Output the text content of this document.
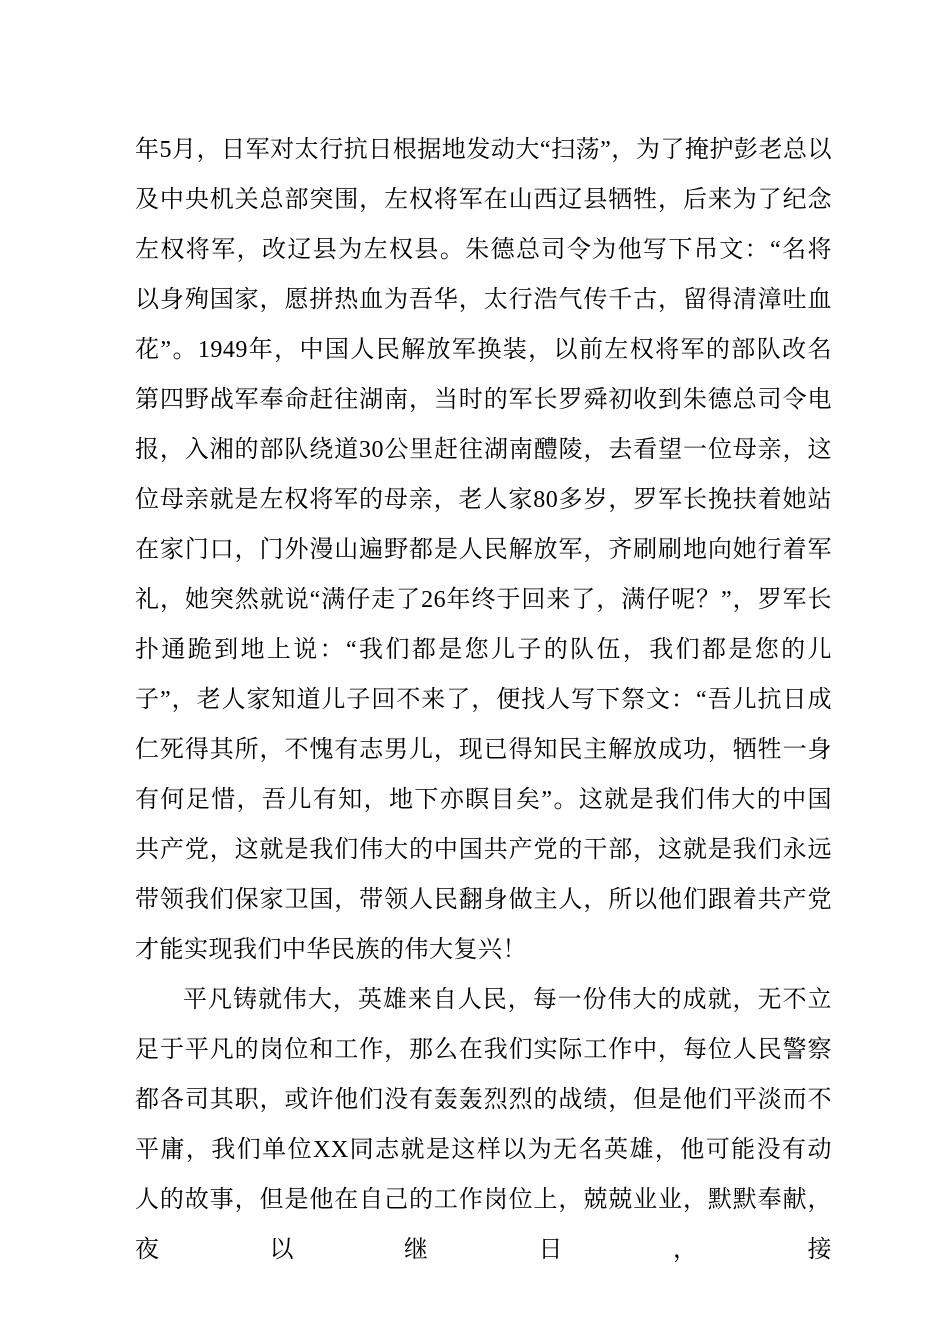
年5月，日军对太行抗日根据地发动大“扫荡”，为了掩护彭老总以及中央机关总部突围，左权将军在山西辽县牺牲，后来为了纪念左权将军，改辽县为左权县。朱德总司令为他写下吊文：“名将以身殉国家，愿拼热血为吾华，太行浩气传千古，留得清漳吐血花”。1949年，中国人民解放军换装，以前左权将军的部队改名第四野战军奉命赶往湖南，当时的军长罗舜初收到朱德总司令电报，入湘的部队绕道30公里赶往湖南醴陵，去看望一位母亲，这位母亲就是左权将军的母亲，老人家80多岁，罗军长挽扶着她站在家门口，门外漫山遍野都是人民解放军，齐刷刷地向她行着军礼，她突然就说“满仔走了26年终于回来了，满仔呢？”，罗军长扑通跪到地上说：“我们都是您儿子的队伍，我们都是您的儿子”，老人家知道儿子回不来了，便找人写下祭文：“吾儿抗日成仁死得其所，不愧有志男儿，现已得知民主解放成功，牺牲一身有何足惜，吾儿有知，地下亦瞑目矣”。这就是我们伟大的中国共产党，这就是我们伟大的中国共产党的干部，这就是我们永远带领我们保家卫国，带领人民翻身做主人，所以他们跟着共产党才能实现我们中华民族的伟大复兴！

平凡铸就伟大，英雄来自人民，每一份伟大的成就，无不立足于平凡的岗位和工作，那么在我们实际工作中，每位人民警察都各司其职，或许他们没有轰轰烈烈的战绩，但是他们平淡而不平庸，我们单位XX同志就是这样以为无名英雄，他可能没有动人的故事，但是他在自己的工作岗位上，兢兢业业，默默奉献，夜以继日，接
